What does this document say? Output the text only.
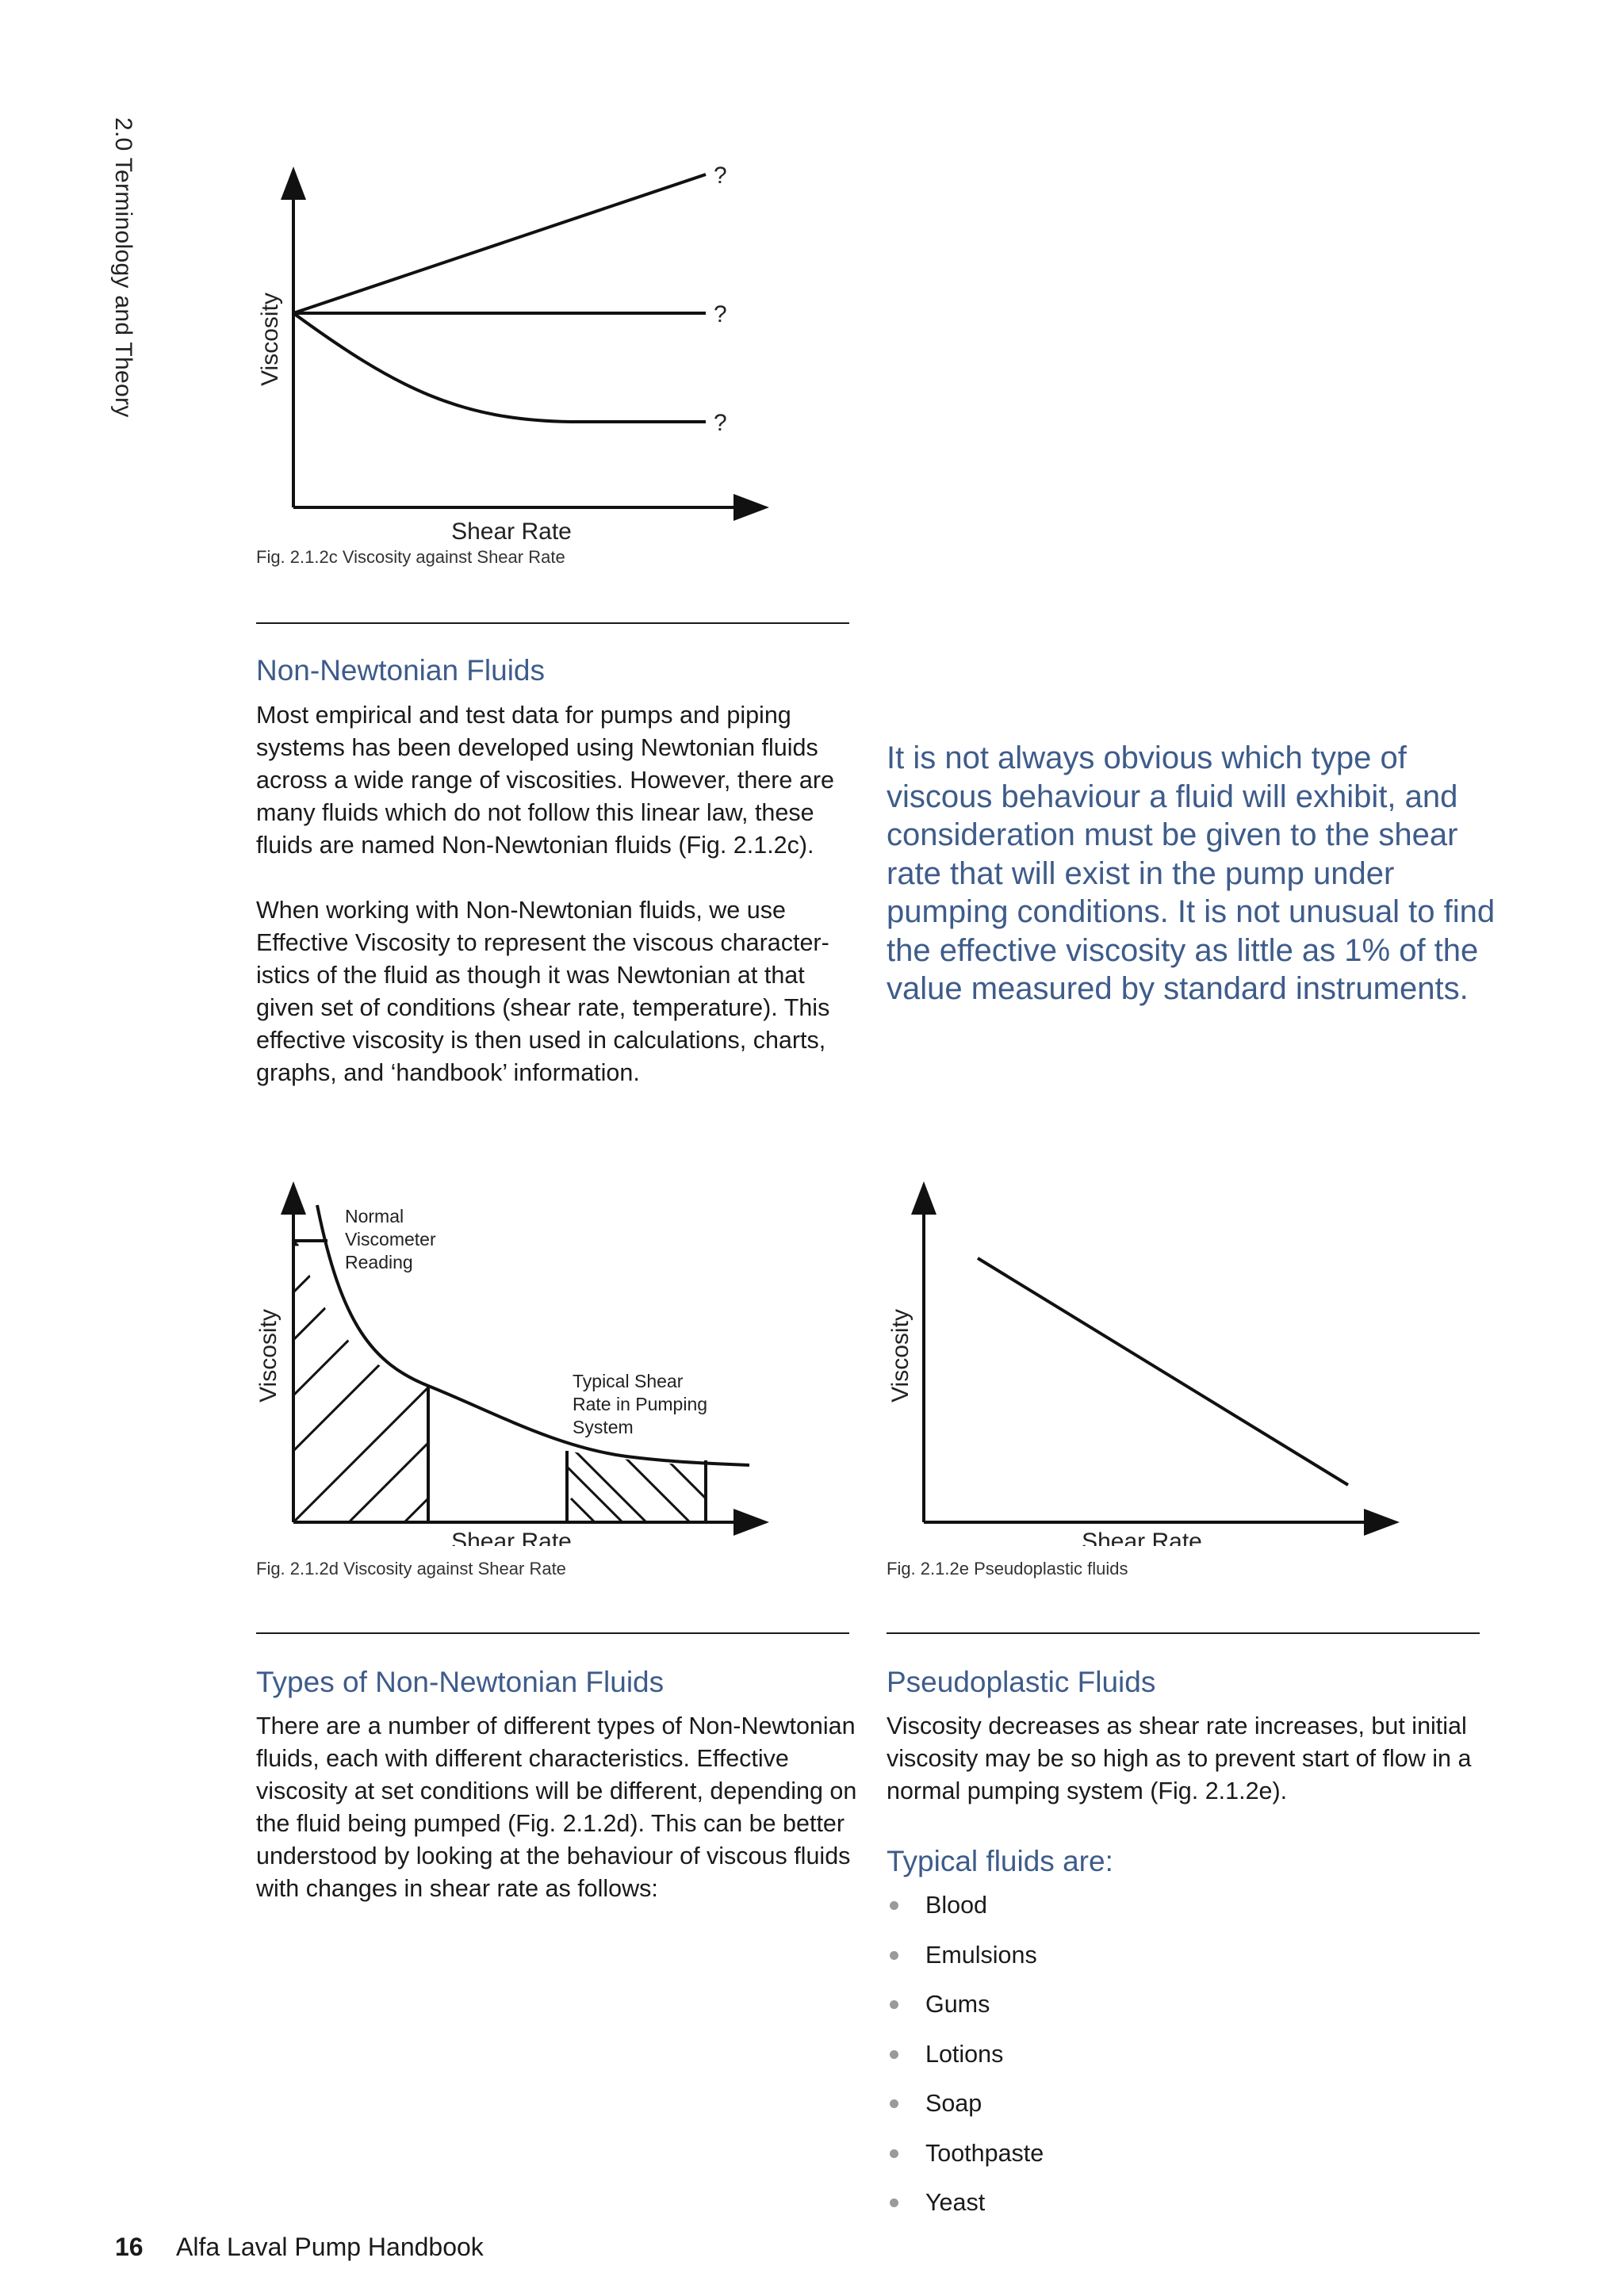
2.0 Terminology and Theory	Viscosity
Shear Rate
?
?
?
Fig. 2.1.2c Viscosity against Shear Rate
Non-Newtonian Fluids

Most empirical and test data for pumps and piping systems has been developed using Newtonian fluids across a wide range of viscosities. However, there are many fluids which do not follow this linear law, these fluids are named Non-Newtonian fluids (Fig. 2.1.2c).

When working with Non-Newtonian fluids, we use Effective Viscosity to represent the viscous character-istics of the fluid as though it was Newtonian at that given set of conditions (shear rate, temperature). This effective viscosity is then used in calculations, charts, graphs, and ‘handbook’ information.

It is not always obvious which type of viscous behaviour a fluid will exhibit, and consideration must be given to the shear rate that will exist in the pump under pumping conditions. It is not unusual to find the effective viscosity as little as 1% of the value measured by standard instruments.
Viscosity
Shear Rate
Normal
Viscometer
Reading
Typical Shear
Rate in Pumping
System
Fig. 2.1.2d Viscosity against Shear Rate
Viscosity
Shear Rate
Fig. 2.1.2e Pseudoplastic fluids
Types of Non-Newtonian Fluids
There are a number of different types of Non-Newtonian fluids, each with different characteristics. Effective viscosity at set conditions will be different, depending on the fluid being pumped (Fig. 2.1.2d). This can be better understood by looking at the behaviour of viscous fluids with changes in shear rate as follows:
Pseudoplastic Fluids
Viscosity decreases as shear rate increases, but initial viscosity may be so high as to prevent start of flow in a normal pumping system (Fig. 2.1.2e).
Typical fluids are:
Blood
Emulsions
Gums
Lotions
Soap
Toothpaste
Yeast
16 Alfa Laval Pump Handbook
